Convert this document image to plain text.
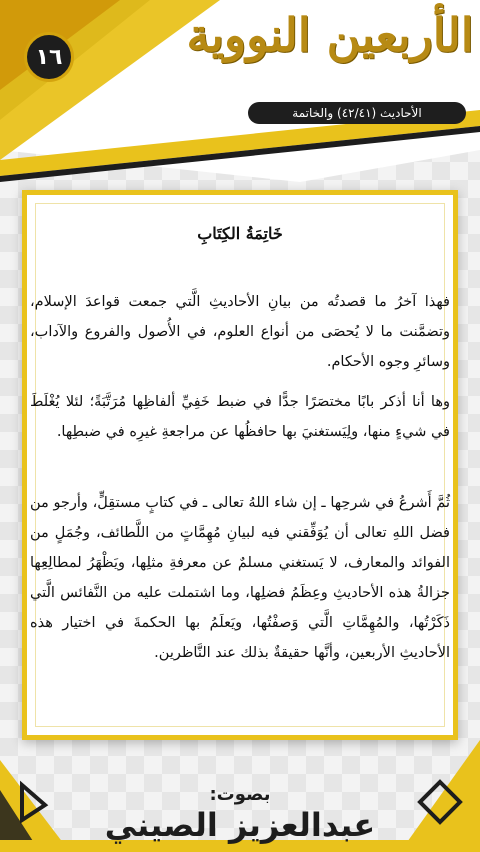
١٦	الأربعين النووية
الأحاديث (٤٢/٤١) والخاتمة
خَاتِمَةُ الكِتَابِ
فهذا آخرُ ما قصدتُه من بيانِ الأحاديثِ الَّتي جمعت قواعدَ الإسلام، وتضمَّنت ما لا يُحصَى من أنواع العلوم، في الأُصول والفروع والآداب، وسائرِ وجوه الأحكام.
وها أنا أذكر بابًا مختصَرًا جدًّا في ضبط خَفِيِّ ألفاظِها مُرَتَّبَةً؛ لئلا يُغْلَطَ في شيءٍ منها، ولِيَستغنيَ بها حافظُها عن مراجعةِ غيرِه في ضبطِها.
ثُمَّ أَشرعُ في شرحِها ـ إن شاء اللهُ تعالى ـ في كتابٍ مستقِلٍّ، وأرجو من فضل اللهِ تعالى أن يُوَفِّقني فيه لبيانِ مُهِمَّاتٍ من اللَّطائف، وجُمَلٍ من الفوائد والمعارف، لا يَستغني مسلمٌ عن معرفةِ مثلِها، ويَظْهَرُ لمطالِعِها جزالةُ هذه الأحاديثِ وعِظَمُ فضلِها، وما اشتملت عليه من النَّفائس الَّتي ذَكَرْتُها، والمُهِمَّاتِ الَّتي وَصفْتُها، ويَعلَمُ بها الحكمةَ في اختيار هذه الأحاديثِ الأربعين، وأنَّها حقيقةٌ بذلك عند النَّاظرين.
بصوت:
عبدالعزيز الصيني
